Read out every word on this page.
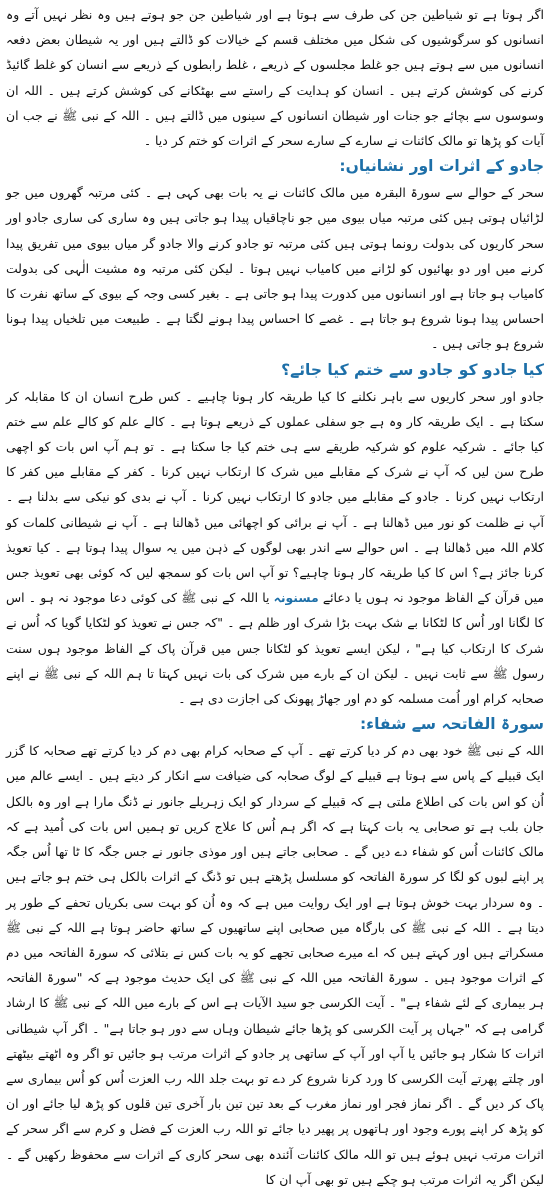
اگر ہوتا ہے تو شیاطین جن کی طرف سے ہوتا ہے اور شیاطین جن جو ہوتے ہیں وہ نظر نہیں آتے وہ انسانوں کو سرگوشیوں کی شکل میں مختلف قسم کے خیالات کو ڈالتے ہیں اور یہ شیطان بعض دفعہ انسانوں میں سے ہوتے ہیں جو غلط مجلسوں کے ذریعے ، غلط رابطوں کے ذریعے سے انسان کو غلط گائیڈ کرنے کی کوشش کرتے ہیں ۔ انسان کو ہدایت کے راستے سے بھٹکانے کی کوشش کرتے ہیں ۔ اللہ ان وسوسوں سے بچائے جو جنات اور شیطان انسانوں کے سینوں میں ڈالتے ہیں ۔ اللہ کے نبی ﷺ نے جب ان آیات کو پڑھا تو مالک کائنات نے سارے کے سارے سحر کے اثرات کو ختم کر دیا ۔

جادو کے اثرات اور نشانیاں:

سحر کے حوالے سے سورۃ البقرہ میں مالک کائنات نے یہ بات بھی کہی ہے ۔ کئی مرتبہ گھروں میں جو لڑائیاں ہوتی ہیں کئی مرتبہ میاں بیوی میں جو ناچاقیاں پیدا ہو جاتی ہیں وہ ساری کی ساری جادو اور سحر کاریوں کی بدولت رونما ہوتی ہیں کئی مرتبہ تو جادو کرنے والا جادو گر میاں بیوی میں تفریق پیدا کرنے میں اور دو بھائیوں کو لڑانے میں کامیاب نہیں ہوتا ۔ لیکن کئی مرتبہ وہ مشیت الٰہی کی بدولت کامیاب ہو جاتا ہے اور انسانوں میں کدورت پیدا ہو جاتی ہے ۔ بغیر کسی وجہ کے بیوی کے ساتھ نفرت کا احساس پیدا ہونا شروع ہو جاتا ہے ۔ غصے کا احساس پیدا ہونے لگتا ہے ۔ طبیعت میں تلخیاں پیدا ہونا شروع ہو جاتی ہیں ۔

کیا جادو کو جادو سے ختم کیا جائے؟

جادو اور سحر کاریوں سے باہر نکلنے کا کیا طریقہ کار ہونا چاہیے ۔ کس طرح انسان ان کا مقابلہ کر سکتا ہے ۔ ایک طریقہ کار وہ ہے جو سفلی عملوں کے ذریعے ہوتا ہے ۔ کالے علم کو کالے علم سے ختم کیا جائے ۔ شرکیہ علوم کو شرکیہ طریقے سے ہی ختم کیا جا سکتا ہے ۔ تو ہم آپ اس بات کو اچھی طرح سن لیں کہ آپ نے شرک کے مقابلے میں شرک کا ارتکاب نہیں کرنا ۔ کفر کے مقابلے میں کفر کا ارتکاب نہیں کرنا ۔ جادو کے مقابلے میں جادو کا ارتکاب نہیں کرنا ۔ آپ نے بدی کو نیکی سے بدلنا ہے ۔ آپ نے ظلمت کو نور میں ڈھالنا ہے ۔ آپ نے برائی کو اچھائی میں ڈھالنا ہے ۔ آپ نے شیطانی کلمات کو کلام اللہ میں ڈھالنا ہے ۔ اس حوالے سے اندر بھی لوگوں کے ذہن میں یہ سوال پیدا ہوتا ہے ۔ کیا تعویذ کرنا جائز ہے؟ اس کا کیا طریقہ کار ہونا چاہیے؟ تو آپ اس بات کو سمجھ لیں کہ کوئی بھی تعویذ جس میں قرآن کے الفاظ موجود نہ ہوں یا دعائے مسنونہ یا اللہ کے نبی ﷺ کی کوئی دعا موجود نہ ہو ۔ اس کا لگانا اور اُس کا لٹکانا بے شک بہت بڑا شرک اور ظلم ہے ۔ "کہ جس نے تعویذ کو لٹکایا گویا کہ اُس نے شرک کا ارتکاب کیا ہے" ، لیکن ایسے تعویذ کو لٹکانا جس میں قرآن پاک کے الفاظ موجود ہوں سنت رسول ﷺ سے ثابت نہیں ۔ لیکن ان کے بارے میں شرک کی بات نہیں کہتا تا ہم اللہ کے نبی ﷺ نے اپنے صحابہ کرام اور اُمت مسلمہ کو دم اور جھاڑ پھونک کی اجازت دی ہے ۔

سورۃ الفاتحہ سے شفاء:

اللہ کے نبی ﷺ خود بھی دم کر دیا کرتے تھے ۔ آپ کے صحابہ کرام بھی دم کر دیا کرتے تھے صحابہ کا گزر ایک قبیلے کے پاس سے ہوتا ہے قبیلے کے لوگ صحابہ کی ضیافت سے انکار کر دیتے ہیں ۔ ایسے عالم میں اُن کو اس بات کی اطلاع ملتی ہے کہ قبیلے کے سردار کو ایک زہریلے جانور نے ڈنگ مارا ہے اور وہ بالکل جان بلب ہے تو صحابی یہ بات کہتا ہے کہ اگر ہم اُس کا علاج کریں تو ہمیں اس بات کی اُمید ہے کہ مالک کائنات اُس کو شفاء دے دیں گے ۔ صحابی جاتے ہیں اور موذی جانور نے جس جگہ کا ٹا تھا اُس جگہ پر اپنے لبوں کو لگا کر سورۃ الفاتحہ کو مسلسل پڑھتے ہیں تو ڈنگ کے اثرات بالکل ہی ختم ہو جاتے ہیں ۔ وہ سردار بہت خوش ہوتا ہے اور ایک روایت میں ہے کہ وہ اُن کو بہت سی بکریاں تحفے کے طور پر دیتا ہے ۔ اللہ کے نبی ﷺ کی بارگاہ میں صحابی اپنے ساتھیوں کے ساتھ حاضر ہوتا ہے اللہ کے نبی ﷺ مسکراتے ہیں اور کہتے ہیں کہ اے میرے صحابی تجھے کو یہ بات کس نے بتلائی کہ سورۃ الفاتحہ میں دم کے اثرات موجود ہیں ۔ سورۃ الفاتحہ میں اللہ کے نبی ﷺ کی ایک حدیث موجود ہے کہ "سورۃ الفاتحہ ہر بیماری کے لئے شفاء ہے" ۔ آیت الکرسی جو سید الآیات ہے اس کے بارے میں اللہ کے نبی ﷺ کا ارشاد گرامی ہے کہ "جہاں پر آیت الکرسی کو پڑھا جائے شیطان وہاں سے دور ہو جاتا ہے" ۔ اگر آپ شیطانی اثرات کا شکار ہو جائیں یا آپ اور آپ کے ساتھی پر جادو کے اثرات مرتب ہو جائیں تو اگر وہ اٹھتے بیٹھتے اور چلتے پھرتے آیت الکرسی کا ورد کرنا شروع کر دے تو بہت جلد اللہ رب العزت اُس کو اُس بیماری سے پاک کر دیں گے ۔ اگر نماز فجر اور نماز مغرب کے بعد تین تین بار آخری تین قلوں کو پڑھ لیا جائے اور ان کو پڑھ کر اپنے پورے وجود اور ہاتھوں پر پھیر دیا جائے تو اللہ رب العزت کے فضل و کرم سے اگر سحر کے اثرات مرتب نہیں ہوئے ہیں تو اللہ مالک کائنات آئندہ بھی سحر کاری کے اثرات سے محفوظ رکھیں گے ۔ لیکن اگر یہ اثرات مرتب ہو چکے ہیں تو بھی آپ ان کا
